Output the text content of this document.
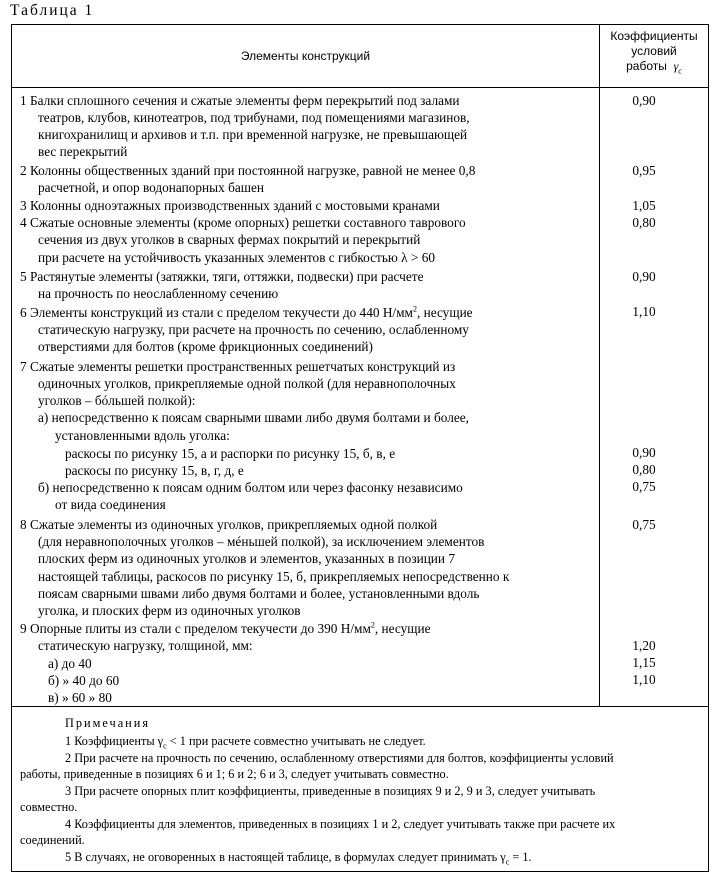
Таблица 1
Элементы конструкций
Коэффициенты
условий
работы $\gamma_c$
1 Балки сплошного сечения и сжатые элементы ферм перекрытий под залами
театров, клубов, кинотеатров, под трибунами, под помещениями магазинов,
книгохранилищ и архивов и т.п. при временной нагрузке, не превышающей
вес перекрытий
0,90
2 Колонны общественных зданий при постоянной нагрузке, равной не менее 0,8
расчетной, и опор водонапорных башен
0,95
3 Колонны одноэтажных производственных зданий с мостовыми кранами	1,05
4 Сжатые основные элементы (кроме опорных) решетки составного таврового
сечения из двух уголков в сварных фермах покрытий и перекрытий
при расчете на устойчивость указанных элементов с гибкостью λ > 60
0,80
5 Растянутые элементы (затяжки, тяги, оттяжки, подвески) при расчете
на прочность по неослабленному сечению
0,90
6 Элементы конструкций из стали с пределом текучести до 440 $Н/мм^2$, несущие
статическую нагрузку, при расчете на прочность по сечению, ослабленному
отверстиями для болтов (кроме фрикционных соединений)
1,10
7 Сжатые элементы решетки пространственных решетчатых конструкций из
одиночных уголков, прикрепляемые одной полкой (для неравнополочных
уголков – бóльшей полкой):
а) непосредственно к поясам сварными швами либо двумя болтами и более,
установленными вдоль уголка:
раскосы по рисунку 15, а и распорки по рисунку 15, б, в, е
раскосы по рисунку 15, в, г, д, е
б) непосредственно к поясам одним болтом или через фасонку независимо
от вида соединения
0,90
0,80
0,75
8 Сжатые элементы из одиночных уголков, прикрепляемых одной полкой
(для неравнополочных уголков – мéньшей полкой), за исключением элементов
плоских ферм из одиночных уголков и элементов, указанных в позиции 7
настоящей таблицы, раскосов по рисунку 15, б, прикрепляемых непосредственно к
поясам сварными швами либо двумя болтами и более, установленными вдоль
уголка, и плоских ферм из одиночных уголков
0,75
9 Опорные плиты из стали с пределом текучести до 390 $Н/мм^2$, несущие
статическую нагрузку, толщиной, мм:
а) до 40
б) » 40 до 60
в) » 60 » 80
1,20
1,15
1,10
Примечания
1 Коэффициенты $\gamma_c < 1$ при расчете совместно учитывать не следует.
2 При расчете на прочность по сечению, ослабленному отверстиями для болтов, коэффициенты условий
работы, приведенные в позициях 6 и 1; 6 и 2; 6 и 3, следует учитывать совместно.
3 При расчете опорных плит коэффициенты, приведенные в позициях 9 и 2, 9 и 3, следует учитывать
совместно.
4 Коэффициенты для элементов, приведенных в позициях 1 и 2, следует учитывать также при расчете их
соединений.
5 В случаях, не оговоренных в настоящей таблице, в формулах следует принимать $\gamma_c = 1$.
